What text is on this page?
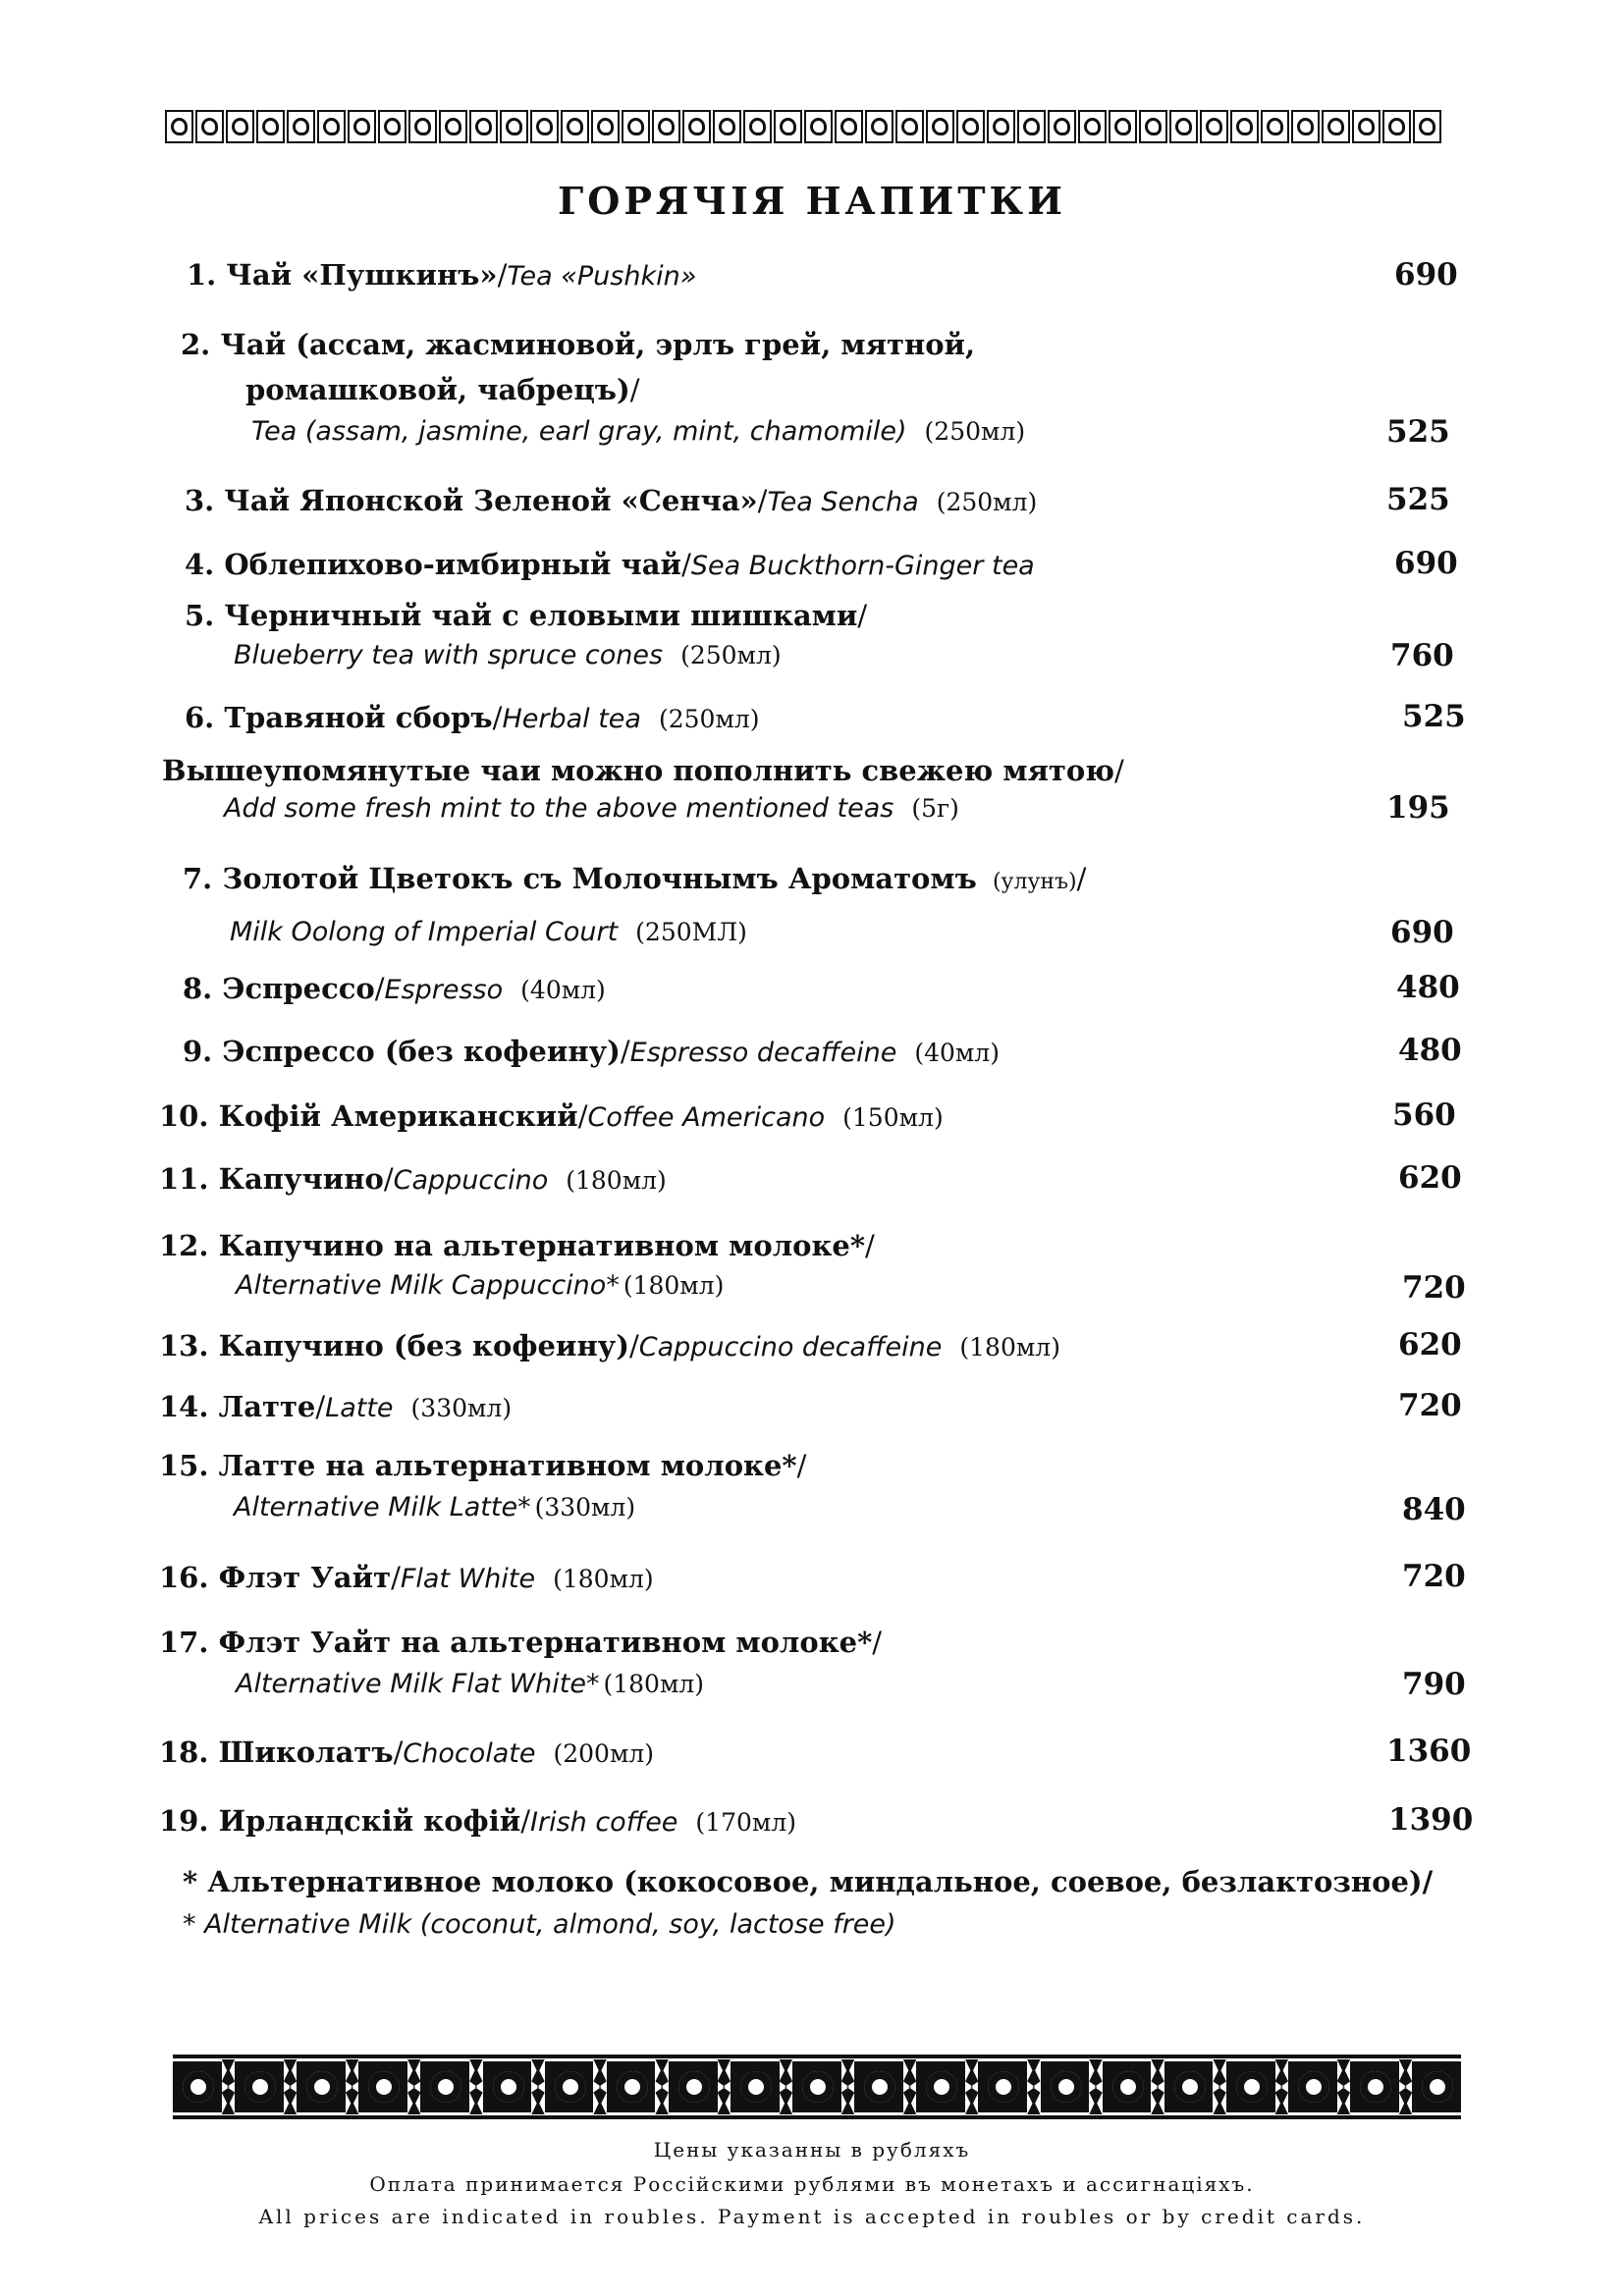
ГОРЯЧІЯ НАПИТКИ
1. Чай «Пушкинъ»/Tea «Pushkin»	690
2. Чай (ассам, жасминовой, эрлъ грей, мятной,
ромашковой, чабрецъ)/
Tea (assam, jasmine, earl gray, mint, chamomile) (250мл)	525
3. Чай Японской Зеленой «Сенча»/Tea Sencha (250мл)	525
4. Облепихово-имбирный чай/Sea Buckthorn-Ginger tea	690
5. Черничный чай с еловыми шишками/
Blueberry tea with spruce cones (250мл)	760
6. Травяной сборъ/Herbal tea (250мл)	525
Вышеупомянутые чаи можно пополнить свежею мятою/
Add some fresh mint to the above mentioned teas (5г)	195
7. Золотой Цветокъ съ Молочнымъ Ароматомъ (улунъ)/
Milk Oolong of Imperial Court (250МЛ)	690
8. Эспрессо/Espresso (40мл)	480
9. Эспрессо (без кофеину)/Espresso decaffeine (40мл)	480
10. Кофій Американский/Coffee Americano (150мл)	560
11. Капучино/Cappuccino (180мл)	620
12. Капучино на альтернативном молоке*/
Alternative Milk Cappuccino* (180мл)	720
13. Капучино (без кофеину)/Cappuccino decaffeine (180мл)	620
14. Латте/Latte (330мл)	720
15. Латте на альтернативном молоке*/
Alternative Milk Latte* (330мл)	840
16. Флэт Уайт/Flat White (180мл)	720
17. Флэт Уайт на альтернативном молоке*/
Alternative Milk Flat White* (180мл)	790
18. Шиколатъ/Chocolate (200мл)	1360
19. Ирландскій кофій/Irish coffee (170мл)	1390
* Альтернативное молоко (кокосовое, миндальное, соевое, безлактозное)/
* Alternative Milk (coconut, almond, soy, lactose free)
Цены указанны в рубляхъ
Оплата принимается Россійскими рублями въ монетахъ и ассигнаціяхъ.
All prices are indicated in roubles. Payment is accepted in roubles or by credit cards.
